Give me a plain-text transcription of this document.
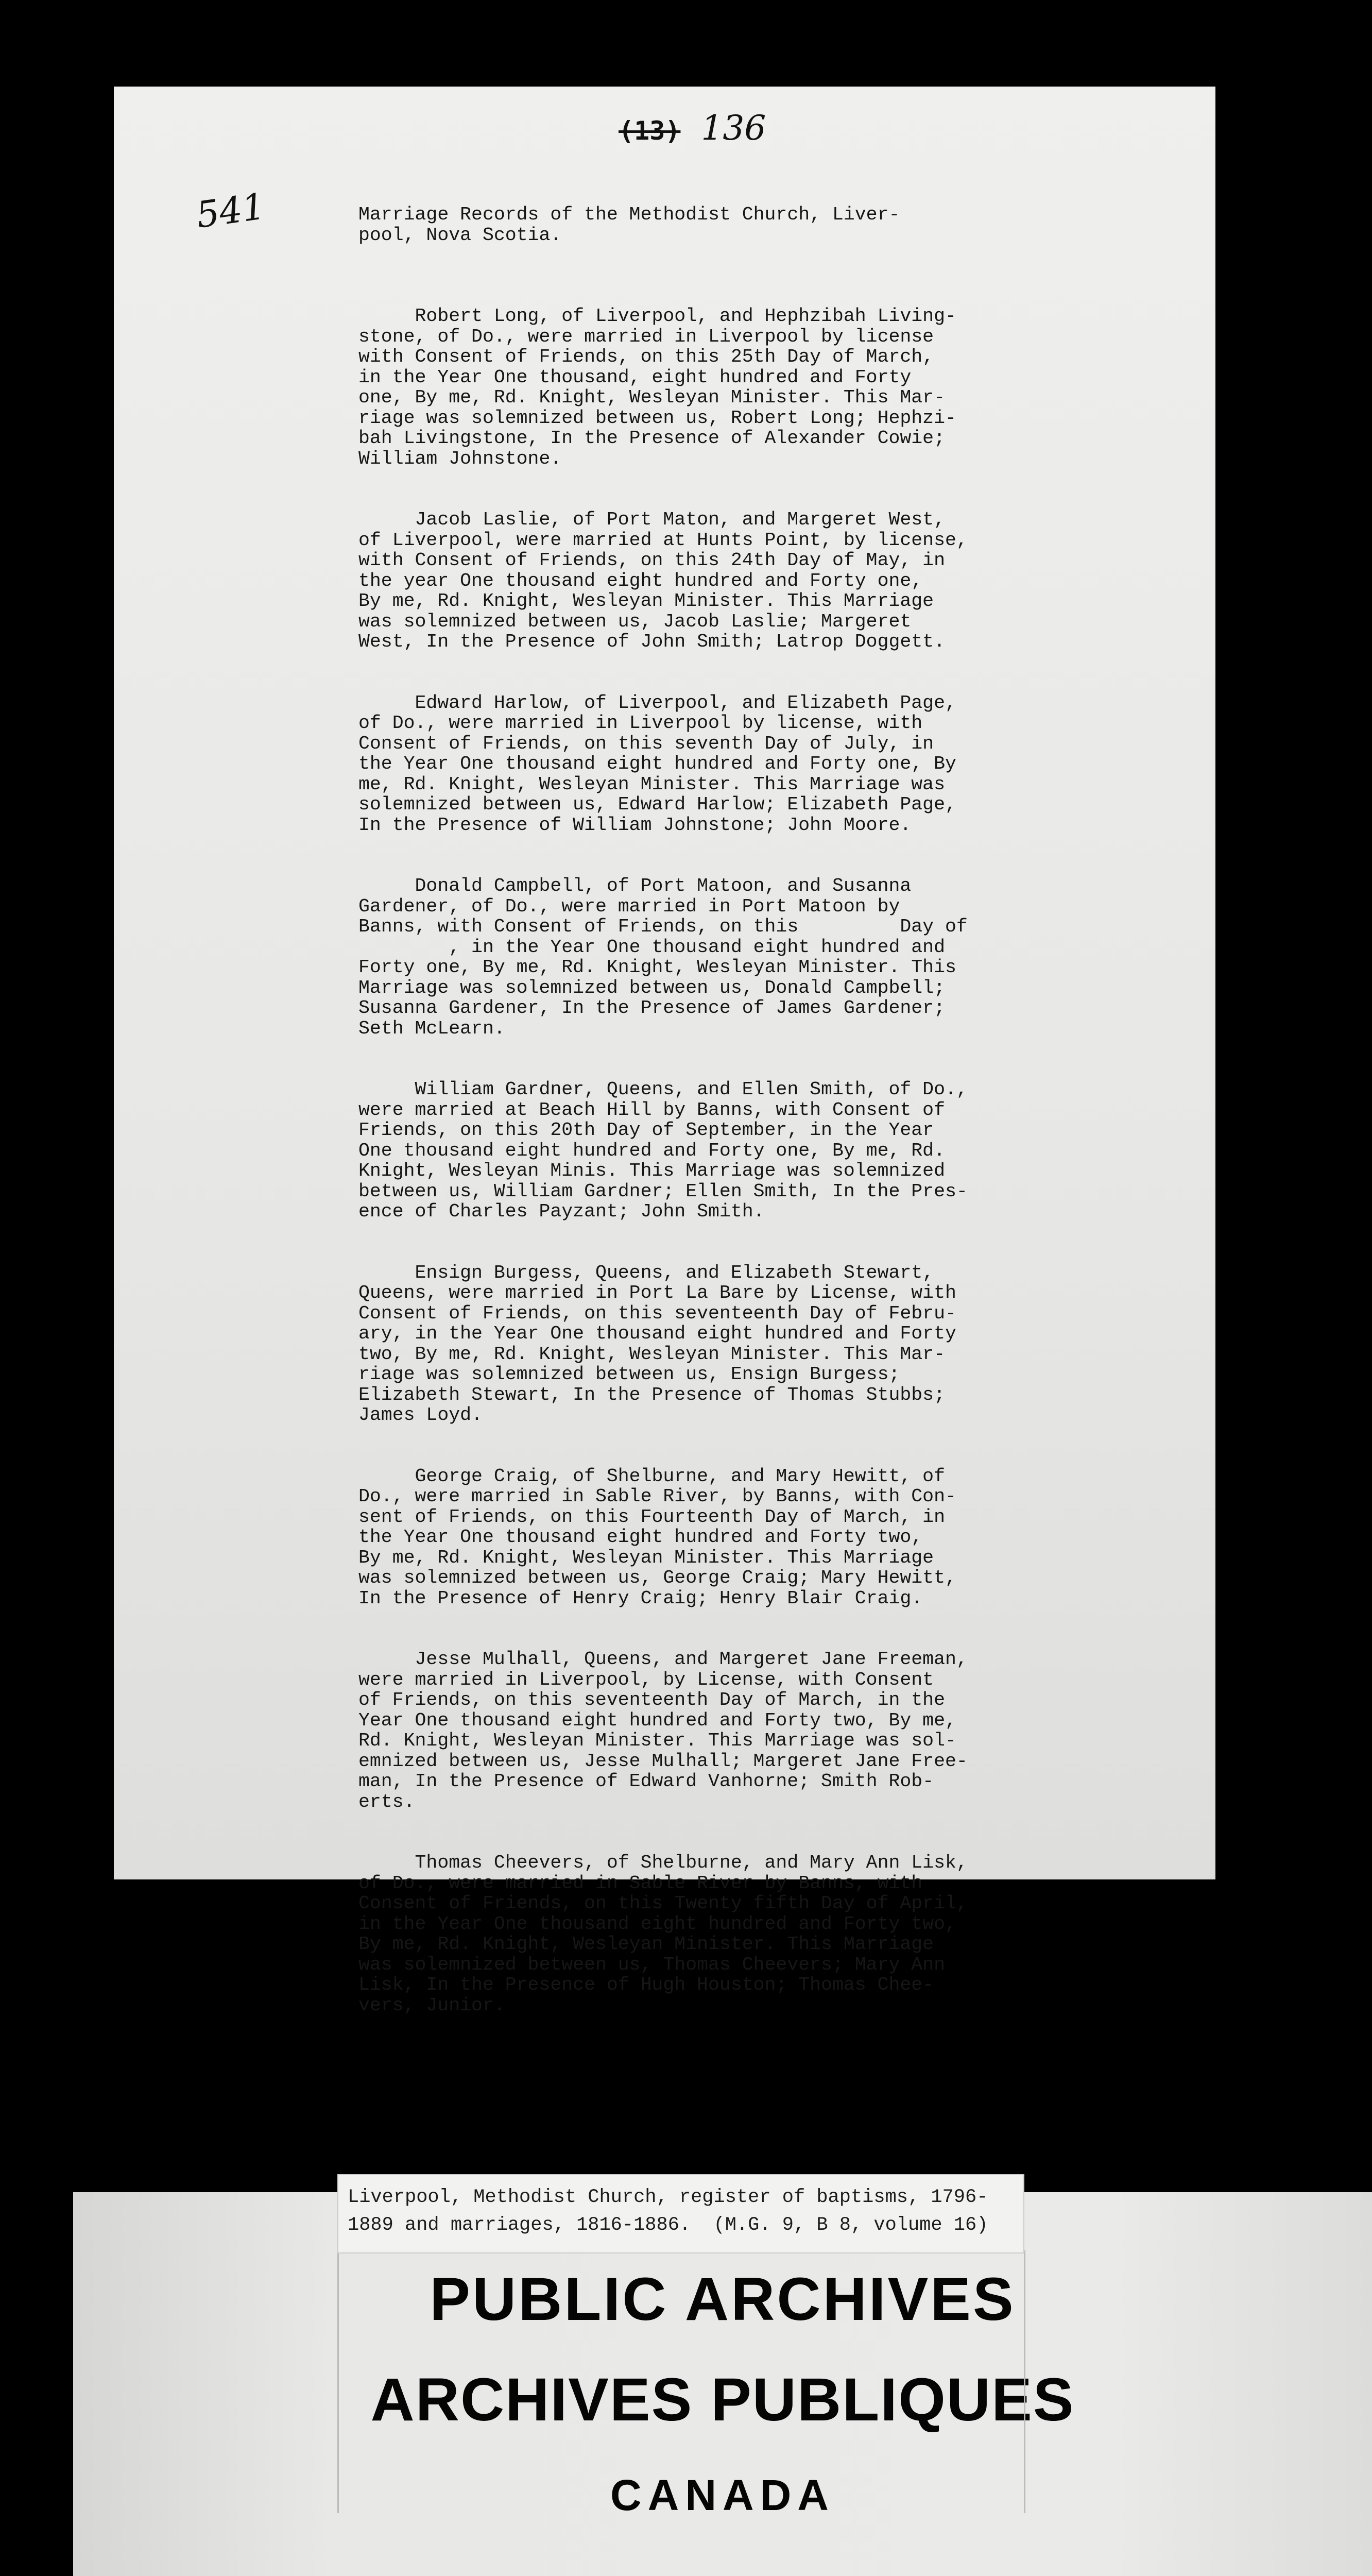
(13) 136
541

	Marriage Records of the Methodist Church, Liver-
pool, Nova Scotia.

Robert Long, of Liverpool, and Hephzibah Living-
stone, of Do., were married in Liverpool by license
with Consent of Friends, on this 25th Day of March,
in the Year One thousand, eight hundred and Forty
one, By me, Rd. Knight, Wesleyan Minister. This Mar-
riage was solemnized between us, Robert Long; Hephzi-
bah Livingstone, In the Presence of Alexander Cowie;
William Johnstone.

Jacob Laslie, of Port Maton, and Margeret West,
of Liverpool, were married at Hunts Point, by license,
with Consent of Friends, on this 24th Day of May, in
the year One thousand eight hundred and Forty one,
By me, Rd. Knight, Wesleyan Minister. This Marriage
was solemnized between us, Jacob Laslie; Margeret
West, In the Presence of John Smith; Latrop Doggett.

Edward Harlow, of Liverpool, and Elizabeth Page,
of Do., were married in Liverpool by license, with
Consent of Friends, on this seventh Day of July, in
the Year One thousand eight hundred and Forty one, By
me, Rd. Knight, Wesleyan Minister. This Marriage was
solemnized between us, Edward Harlow; Elizabeth Page,
In the Presence of William Johnstone; John Moore.

Donald Campbell, of Port Matoon, and Susanna
Gardener, of Do., were married in Port Matoon by
Banns, with Consent of Friends, on this         Day of
, in the Year One thousand eight hundred and
Forty one, By me, Rd. Knight, Wesleyan Minister. This
Marriage was solemnized between us, Donald Campbell;
Susanna Gardener, In the Presence of James Gardener;
Seth McLearn.

William Gardner, Queens, and Ellen Smith, of Do.,
were married at Beach Hill by Banns, with Consent of
Friends, on this 20th Day of September, in the Year
One thousand eight hundred and Forty one, By me, Rd.
Knight, Wesleyan Minis. This Marriage was solemnized
between us, William Gardner; Ellen Smith, In the Pres-
ence of Charles Payzant; John Smith.

Ensign Burgess, Queens, and Elizabeth Stewart,
Queens, were married in Port La Bare by License, with
Consent of Friends, on this seventeenth Day of Febru-
ary, in the Year One thousand eight hundred and Forty
two, By me, Rd. Knight, Wesleyan Minister. This Mar-
riage was solemnized between us, Ensign Burgess;
Elizabeth Stewart, In the Presence of Thomas Stubbs;
James Loyd.

George Craig, of Shelburne, and Mary Hewitt, of
Do., were married in Sable River, by Banns, with Con-
sent of Friends, on this Fourteenth Day of March, in
the Year One thousand eight hundred and Forty two,
By me, Rd. Knight, Wesleyan Minister. This Marriage
was solemnized between us, George Craig; Mary Hewitt,
In the Presence of Henry Craig; Henry Blair Craig.

Jesse Mulhall, Queens, and Margeret Jane Freeman,
were married in Liverpool, by License, with Consent
of Friends, on this seventeenth Day of March, in the
Year One thousand eight hundred and Forty two, By me,
Rd. Knight, Wesleyan Minister. This Marriage was sol-
emnized between us, Jesse Mulhall; Margeret Jane Free-
man, In the Presence of Edward Vanhorne; Smith Rob-
erts.

Thomas Cheevers, of Shelburne, and Mary Ann Lisk,
of Do., were married in Sable River by Banns, with
Consent of Friends, on this Twenty fifth Day of April,
in the Year One thousand eight hundred and Forty two,
By me, Rd. Knight, Wesleyan Minister. This Marriage
was solemnized between us, Thomas Cheevers; Mary Ann
Lisk, In the Presence of Hugh Houston; Thomas Chee-
vers, Junior.

PUBLIC ARCHIVES
ARCHIVES PUBLIQUES
CANADA
Liverpool, Methodist Church, register of baptisms, 1796-
1889 and marriages, 1816-1886.  (M.G. 9, B 8, volume 16)
